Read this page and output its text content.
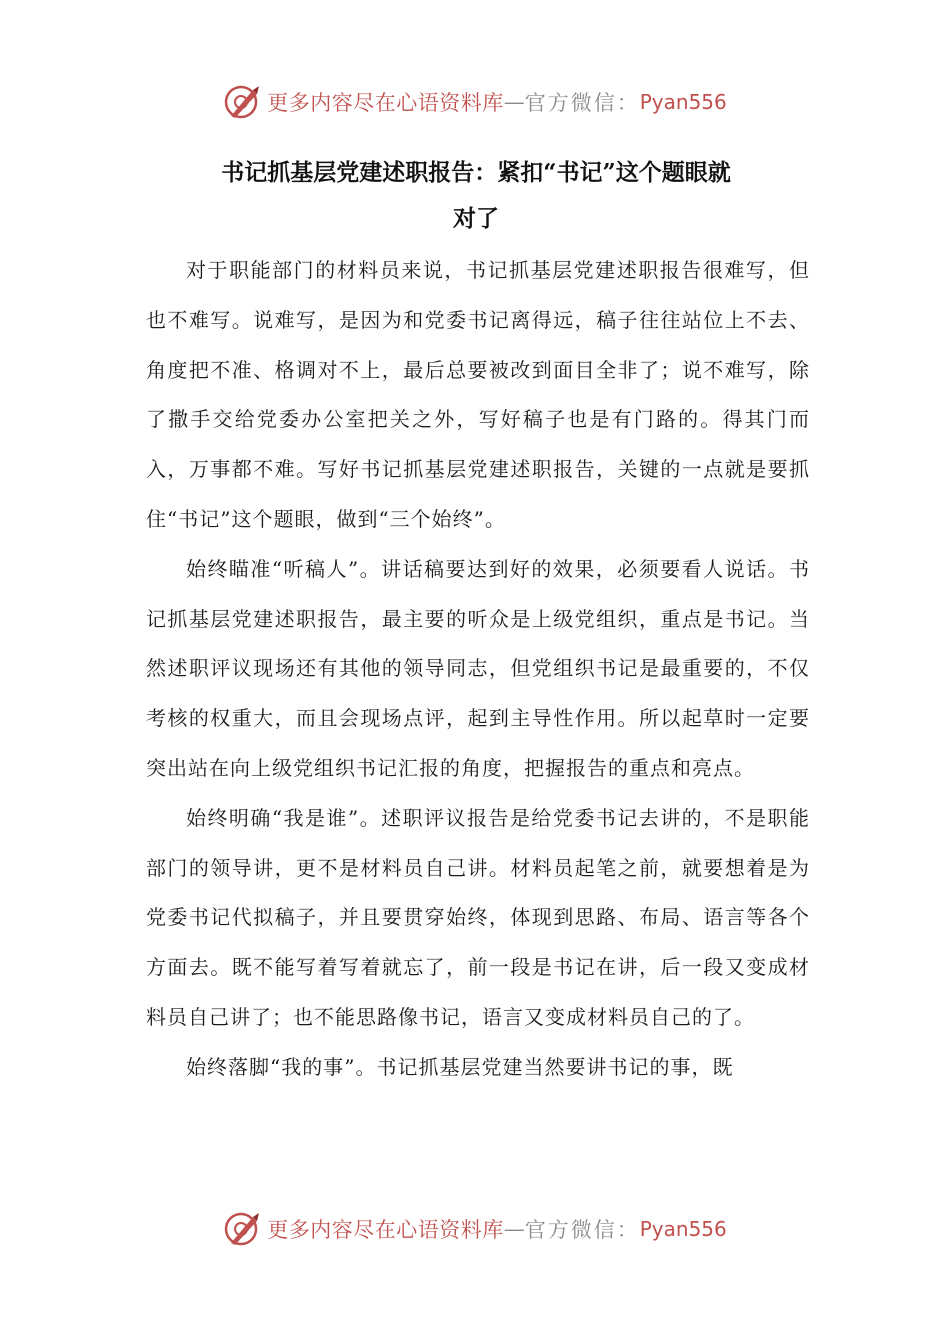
更多内容尽在心语资料库 — 官方微信： Pyan556
书记抓基层党建述职报告：紧扣“书记”这个题眼就
对了

对于职能部门的材料员来说，书记抓基层党建述职报告很难写，但也不难写。说难写，是因为和党委书记离得远，稿子往往站位上不去、角度把不准、格调对不上，最后总要被改到面目全非了；说不难写，除了撒手交给党委办公室把关之外，写好稿子也是有门路的。得其门而入，万事都不难。写好书记抓基层党建述职报告，关键的一点就是要抓住“书记”这个题眼，做到“三个始终”。

始终瞄准“听稿人”。讲话稿要达到好的效果，必须要看人说话。书记抓基层党建述职报告，最主要的听众是上级党组织，重点是书记。当然述职评议现场还有其他的领导同志，但党组织书记是最重要的，不仅考核的权重大，而且会现场点评，起到主导性作用。所以起草时一定要突出站在向上级党组织书记汇报的角度，把握报告的重点和亮点。

始终明确“我是谁”。述职评议报告是给党委书记去讲的，不是职能部门的领导讲，更不是材料员自己讲。材料员起笔之前，就要想着是为党委书记代拟稿子，并且要贯穿始终，体现到思路、布局、语言等各个方面去。既不能写着写着就忘了，前一段是书记在讲，后一段又变成材料员自己讲了；也不能思路像书记，语言又变成材料员自己的了。

始终落脚“我的事”。书记抓基层党建当然要讲书记的事，既

更多内容尽在心语资料库 — 官方微信： Pyan556
